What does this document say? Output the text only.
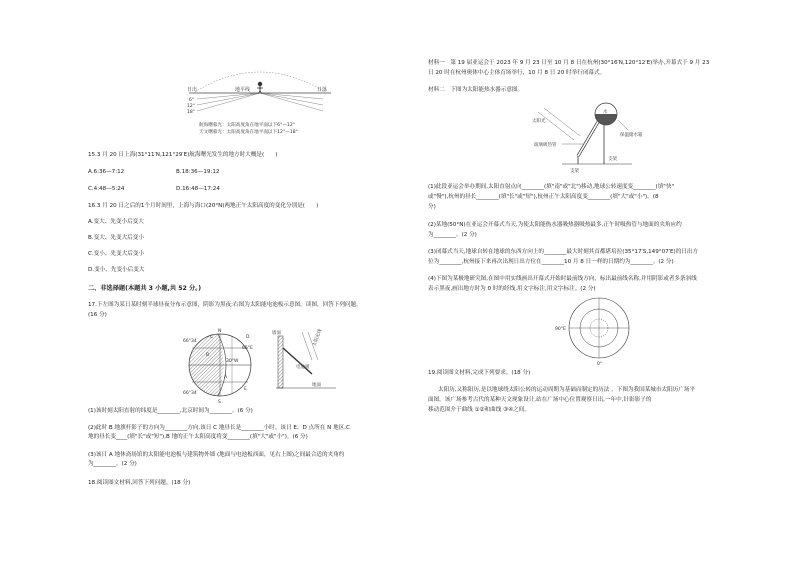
日出	地平线	日落
6°
12°
18°
航海曙暮光：太阳高度角在地平面以下6°—12°
天文曙暮光：太阳高度角在地平面以下12°—18°
15.3 月 20 日上海(31°11′N,121°29′E)航海曙光发生的地方时大概是(　　)
A.6:36—7:12	B.18:36—19:12
C.4:48—5:24	D.16:48—17:24
16.3 月 20 日之后的1个月时间里，上海与海口(20°N)两地正午太阳高度的变化分别是(　　)
A.变大、先变小后变大
B.变大、先变大后变小
C.变小、先变大后变小
D.变小、先变小后变大
二、非选择题(本题共 3 小题,共 52 分。)
17.下左图为某日某时刻半球昼夜分布示意图，阴影为黑夜;右图为太阳能电池板示意图。读图，回答下列问题。
(16 分)
66°34′
65°E
66°34′
30°W
N
S
C	D
B
A
E
墙面	太阳光线
电池板
地面
(1)该时刻太阳直射的纬度是________,北京时间为________。(6 分)
(2)此时 B 地旗杆影子的方向为________方向,该日 C 地昼长是________小时。该日 E、D 点所在 N 地区,C
地的昼长变____(填"长"或"短"),B 地的正午太阳高度将变________(填"大"或"小")。(6 分)
(3)该日 A 地休斋场馆的太阳能电池板与建筑物外墙 (地面与电池板西面，见右上图)之间最合适的夹角约
为________。(2 分)
18.阅读图文材料,回答下列问题。(18 分)
材料一　第 19 届亚运会于 2023 年 9 月 23 日至 10 月 8 日在杭州(30°16′N,120°12′E)举办,开幕式于 9 月 23
日 20 时在杭州奥体中心主体育场举行，10 月 8 日 20 时举行闭幕式。
材料二　下图为太阳能热水器示意图。
太阳光
水
保温储水箱
玻璃吸热管
支架
支架
(1)此段亚运会举办期间,太阳直射点向________(填"南"或"北")移动,地球公转速度变________(填"快"
或"慢"),杭州的昼长________(填"长"或"短"),杭州正午太阳高度变________(填"大"或"小")。(8
分)
(2)某地(50°N)在亚运会开幕式当天,为使太阳能热水器吸热器吸热最多,正午时吸热管与地面的夹角应约
为________。(2 分)
(3)闭幕式当天,地球自转在地球的东西方向上的________最大时刻其首都堪培拉(35°17′S,149°07′E)的日出方
位为________,杭州接下来再次出现日出方位在________10 月 8 日一样的日期约为________。(2 分)
(4)下图为某极地研究图,在图中用实线画出开幕式开始时最前线方向，标出最前线名称,并用阴影或者多条斜线
表示黑夜,画出地方时为 0 时的经线,用文字标注,用文字标注。(2 分)
90°E
0°
19.阅读图文材料,完成下列要求。(18 分)
太阳历,又称阳历,是以地球绕太阳公转的运动周期为基础而制定的历法 。下图为我国某城市太阳历广场平
面图。该广场参考古代的某种天文现象设计,站在广场中心位置观察日出,一年中,针影影子的
移动范围介于曲线 ①②和曲线 ③④之间。
